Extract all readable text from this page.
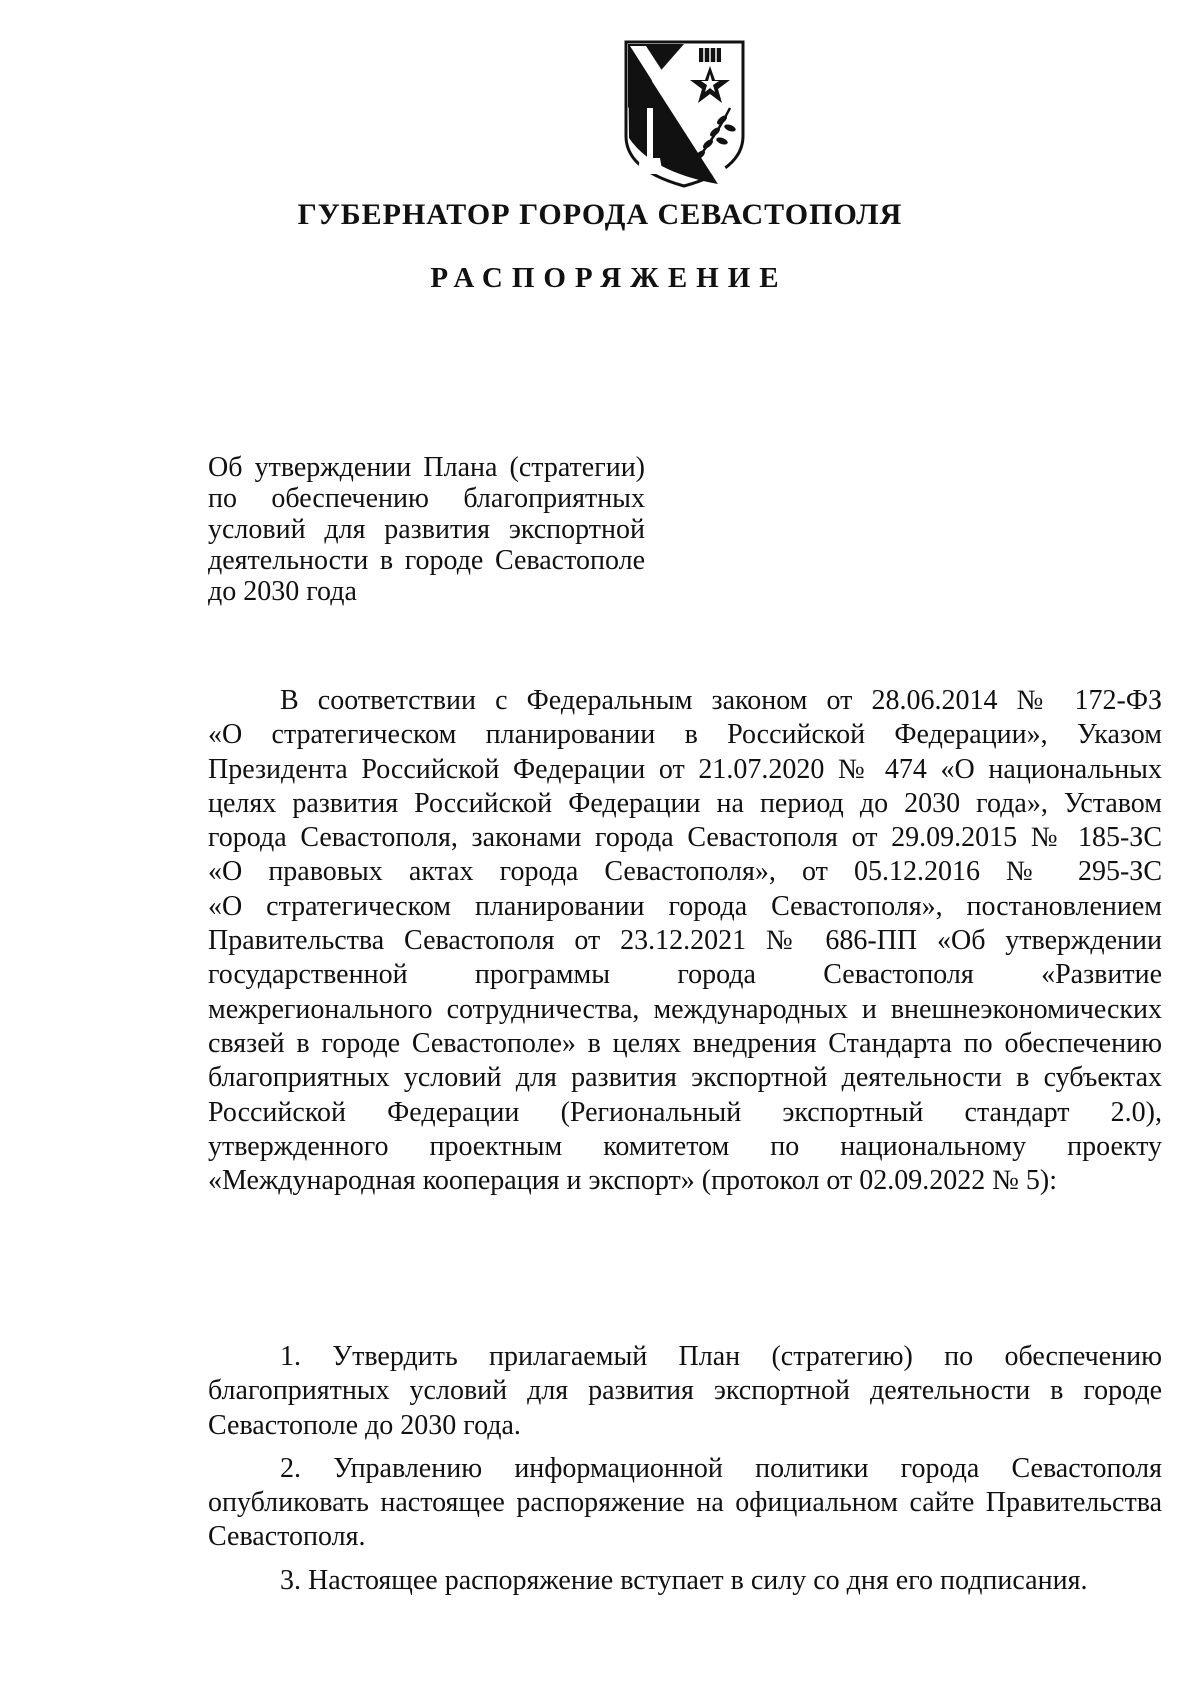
ГУБЕРНАТОР ГОРОДА СЕВАСТОПОЛЯ
РАСПОРЯЖЕНИЕ
Об утверждении Плана (стратегии)
по обеспечению благоприятных
условий для развития экспортной
деятельности в городе Севастополе
до 2030 года
В соответствии с Федеральным законом от 28.06.2014 № 172-ФЗ
«О стратегическом планировании в Российской Федерации», Указом
Президента Российской Федерации от 21.07.2020 № 474 «О национальных
целях развития Российской Федерации на период до 2030 года», Уставом
города Севастополя, законами города Севастополя от 29.09.2015 № 185-ЗС
«О правовых актах города Севастополя», от 05.12.2016 № 295-ЗС
«О стратегическом планировании города Севастополя», постановлением
Правительства Севастополя от 23.12.2021 № 686-ПП «Об утверждении
государственной программы города Севастополя «Развитие
межрегионального сотрудничества, международных и внешнеэкономических
связей в городе Севастополе» в целях внедрения Стандарта по обеспечению
благоприятных условий для развития экспортной деятельности в субъектах
Российской Федерации (Региональный экспортный стандарт 2.0),
утвержденного проектным комитетом по национальному проекту
«Международная кооперация и экспорт» (протокол от 02.09.2022 № 5):
1. Утвердить прилагаемый План (стратегию) по обеспечению
благоприятных условий для развития экспортной деятельности в городе
Севастополе до 2030 года.
2. Управлению информационной политики города Севастополя
опубликовать настоящее распоряжение на официальном сайте Правительства
Севастополя.
3. Настоящее распоряжение вступает в силу со дня его подписания.
